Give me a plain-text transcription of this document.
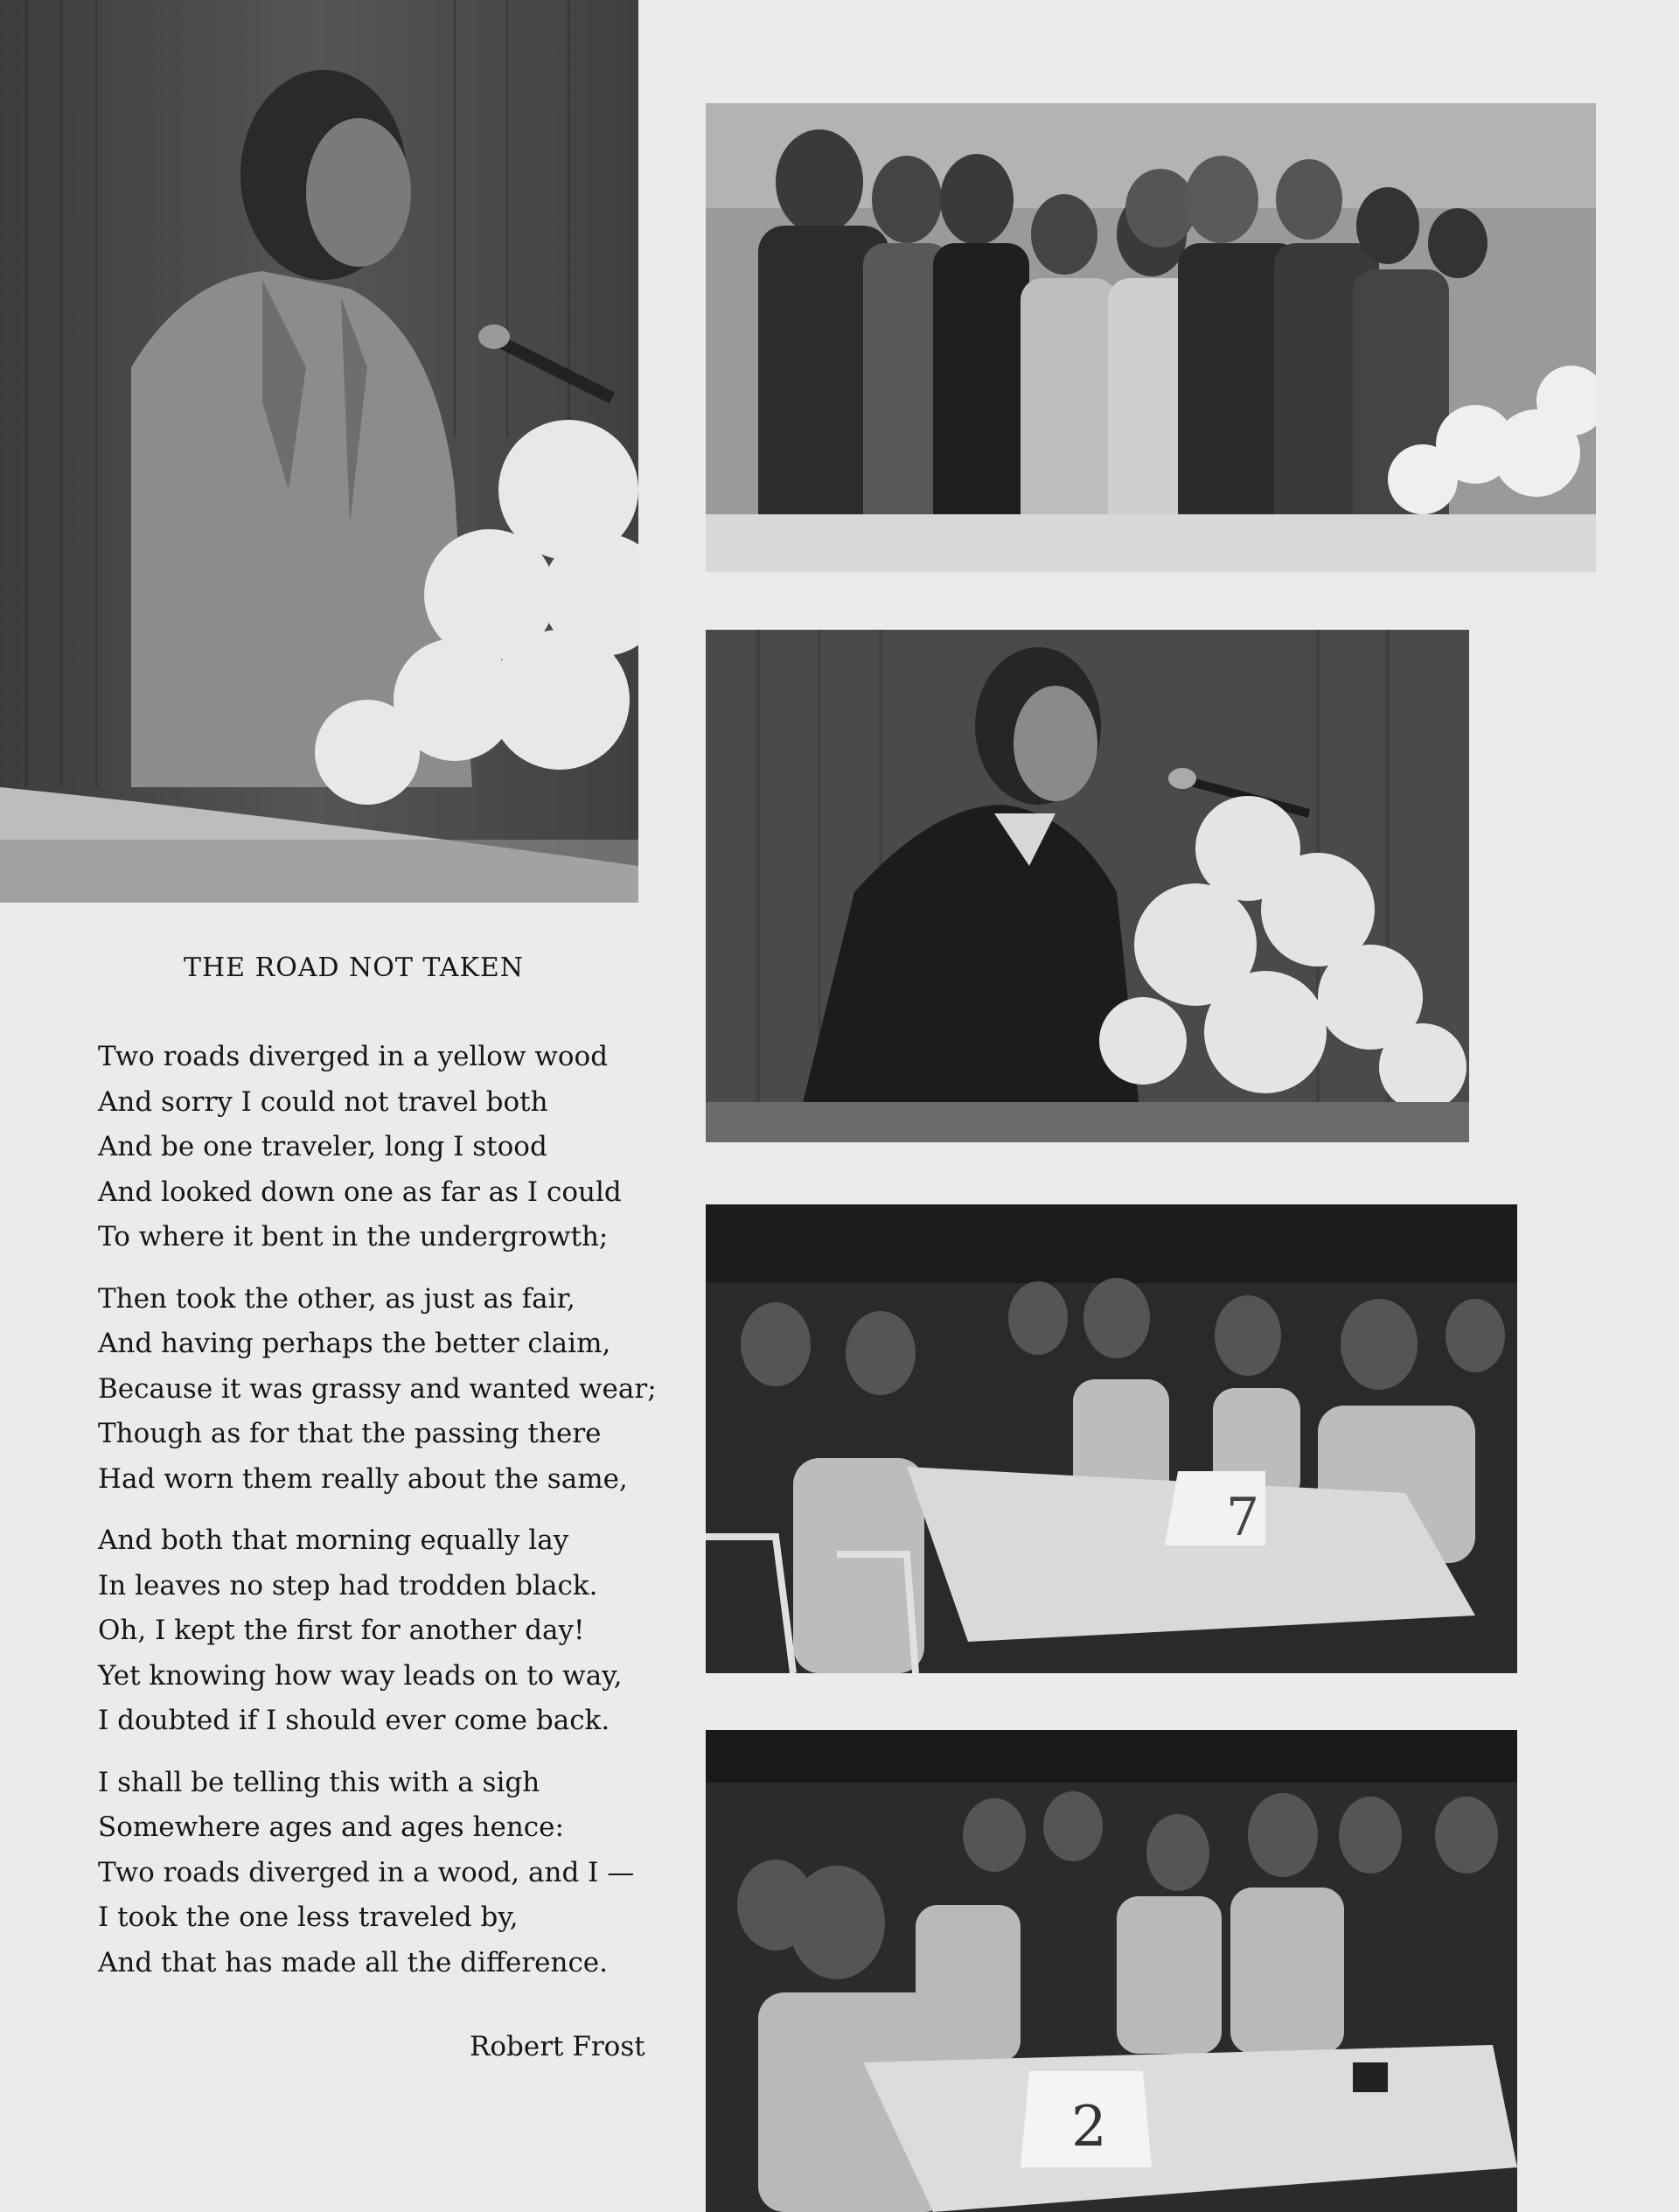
7
2
THE ROAD NOT TAKEN
Two roads diverged in a yellow wood
And sorry I could not travel both
And be one traveler, long I stood
And looked down one as far as I could
To where it bent in the undergrowth;
Then took the other, as just as fair,
And having perhaps the better claim,
Because it was grassy and wanted wear;
Though as for that the passing there
Had worn them really about the same,
And both that morning equally lay
In leaves no step had trodden black.
Oh, I kept the first for another day!
Yet knowing how way leads on to way,
I doubted if I should ever come back.
I shall be telling this with a sigh
Somewhere ages and ages hence:
Two roads diverged in a wood, and I —
I took the one less traveled by,
And that has made all the difference.
Robert Frost
